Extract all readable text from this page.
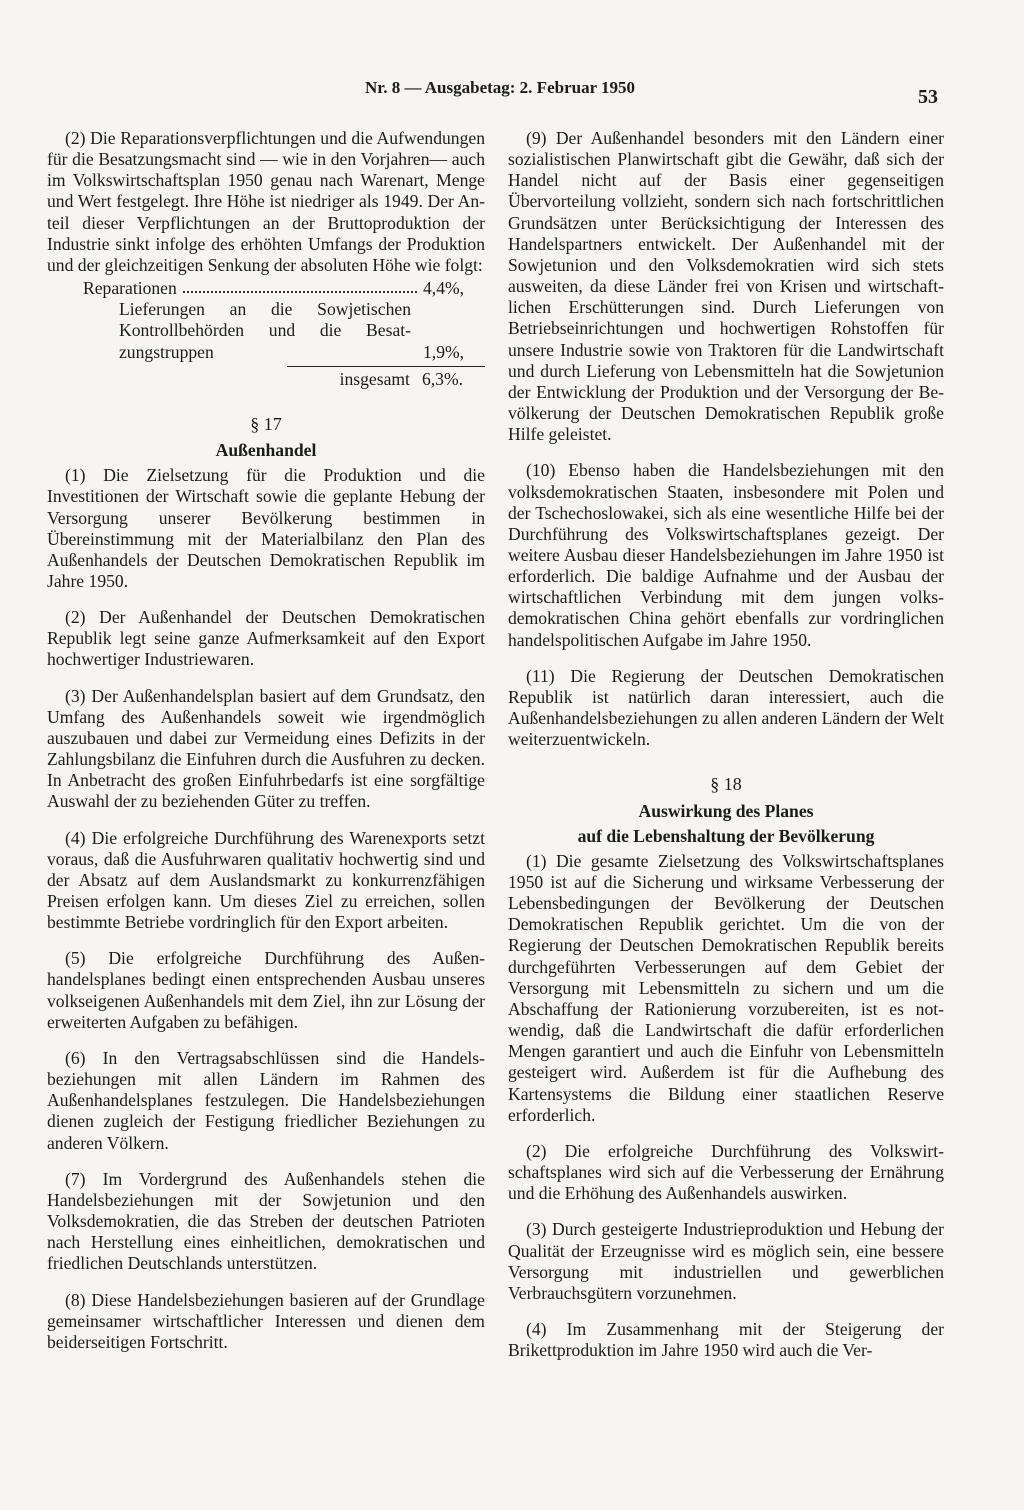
Nr. 8 — Ausgabetag: 2. Februar 1950	53

(2) Die Reparationsverpflichtungen und die Aufwendungen für die Besatzungsmacht sind — wie in den Vorjahren— auch im Volkswirtschaftsplan 1950 genau nach Warenart, Menge und Wert festgelegt. Ihre Höhe ist niedriger als 1949. Der Anteil dieser Verpflichtungen an der Bruttoproduktion der Industrie sinkt infolge des erhöhten Umfangs der Produktion und der gleichzeitigen Senkung der absoluten Höhe wie folgt:

Reparationen	4,4%,
Lieferungen an die Sowjetischen Kontrollbehörden und die Besatzungstruppen	1,9%,
insgesamt 6,3%.
§ 17
Außenhandel

(1) Die Zielsetzung für die Produktion und die Investitionen der Wirtschaft sowie die geplante Hebung der Versorgung unserer Bevölkerung bestimmen in Übereinstimmung mit der Materialbilanz den Plan des Außenhandels der Deutschen Demokratischen Republik im Jahre 1950.

(2) Der Außenhandel der Deutschen Demokratischen Republik legt seine ganze Aufmerksamkeit auf den Export hochwertiger Industriewaren.

(3) Der Außenhandelsplan basiert auf dem Grundsatz, den Umfang des Außenhandels soweit wie irgendmöglich auszubauen und dabei zur Vermeidung eines Defizits in der Zahlungsbilanz die Einfuhren durch die Ausfuhren zu decken. In Anbetracht des großen Einfuhrbedarfs ist eine sorgfältige Auswahl der zu beziehenden Güter zu treffen.

(4) Die erfolgreiche Durchführung des Warenexports setzt voraus, daß die Ausfuhrwaren qualitativ hochwertig sind und der Absatz auf dem Auslandsmarkt zu konkurrenzfähigen Preisen erfolgen kann. Um dieses Ziel zu erreichen, sollen bestimmte Betriebe vordringlich für den Export arbeiten.

(5) Die erfolgreiche Durchführung des Außenhandelsplanes bedingt einen entsprechenden Ausbau unseres volkseigenen Außenhandels mit dem Ziel, ihn zur Lösung der erweiterten Aufgaben zu befähigen.

(6) In den Vertragsabschlüssen sind die Handelsbeziehungen mit allen Ländern im Rahmen des Außenhandelsplanes festzulegen. Die Handelsbeziehungen dienen zugleich der Festigung friedlicher Beziehungen zu anderen Völkern.

(7) Im Vordergrund des Außenhandels stehen die Handelsbeziehungen mit der Sowjetunion und den Volksdemokratien, die das Streben der deutschen Patrioten nach Herstellung eines einheitlichen, demokratischen und friedlichen Deutschlands unterstützen.

(8) Diese Handelsbeziehungen basieren auf der Grundlage gemeinsamer wirtschaftlicher Interessen und dienen dem beiderseitigen Fortschritt.

(9) Der Außenhandel besonders mit den Ländern einer sozialistischen Planwirtschaft gibt die Gewähr, daß sich der Handel nicht auf der Basis einer gegenseitigen Übervorteilung vollzieht, sondern sich nach fortschrittlichen Grundsätzen unter Berücksichtigung der Interessen des Handelspartners entwickelt. Der Außenhandel mit der Sowjetunion und den Volksdemokratien wird sich stets ausweiten, da diese Länder frei von Krisen und wirtschaftlichen Erschütterungen sind. Durch Lieferungen von Betriebseinrichtungen und hochwertigen Rohstoffen für unsere Industrie sowie von Traktoren für die Landwirtschaft und durch Lieferung von Lebensmitteln hat die Sowjetunion der Entwicklung der Produktion und der Versorgung der Bevölkerung der Deutschen Demokratischen Republik große Hilfe geleistet.

(10) Ebenso haben die Handelsbeziehungen mit den volksdemokratischen Staaten, insbesondere mit Polen und der Tschechoslowakei, sich als eine wesentliche Hilfe bei der Durchführung des Volkswirtschaftsplanes gezeigt. Der weitere Ausbau dieser Handelsbeziehungen im Jahre 1950 ist erforderlich. Die baldige Aufnahme und der Ausbau der wirtschaftlichen Verbindung mit dem jungen volksdemokratischen China gehört ebenfalls zur vordringlichen handelspolitischen Aufgabe im Jahre 1950.

(11) Die Regierung der Deutschen Demokratischen Republik ist natürlich daran interessiert, auch die Außenhandelsbeziehungen zu allen anderen Ländern der Welt weiterzuentwickeln.

§ 18
Auswirkung des Planes
auf die Lebenshaltung der Bevölkerung

(1) Die gesamte Zielsetzung des Volkswirtschaftsplanes 1950 ist auf die Sicherung und wirksame Verbesserung der Lebensbedingungen der Bevölkerung der Deutschen Demokratischen Republik gerichtet. Um die von der Regierung der Deutschen Demokratischen Republik bereits durchgeführten Verbesserungen auf dem Gebiet der Versorgung mit Lebensmitteln zu sichern und um die Abschaffung der Rationierung vorzubereiten, ist es notwendig, daß die Landwirtschaft die dafür erforderlichen Mengen garantiert und auch die Einfuhr von Lebensmitteln gesteigert wird. Außerdem ist für die Aufhebung des Kartensystems die Bildung einer staatlichen Reserve erforderlich.

(2) Die erfolgreiche Durchführung des Volkswirtschaftsplanes wird sich auf die Verbesserung der Ernährung und die Erhöhung des Außenhandels auswirken.

(3) Durch gesteigerte Industrieproduktion und Hebung der Qualität der Erzeugnisse wird es möglich sein, eine bessere Versorgung mit industriellen und gewerblichen Verbrauchsgütern vorzunehmen.

(4) Im Zusammenhang mit der Steigerung der Brikettproduktion im Jahre 1950 wird auch die Ver-
